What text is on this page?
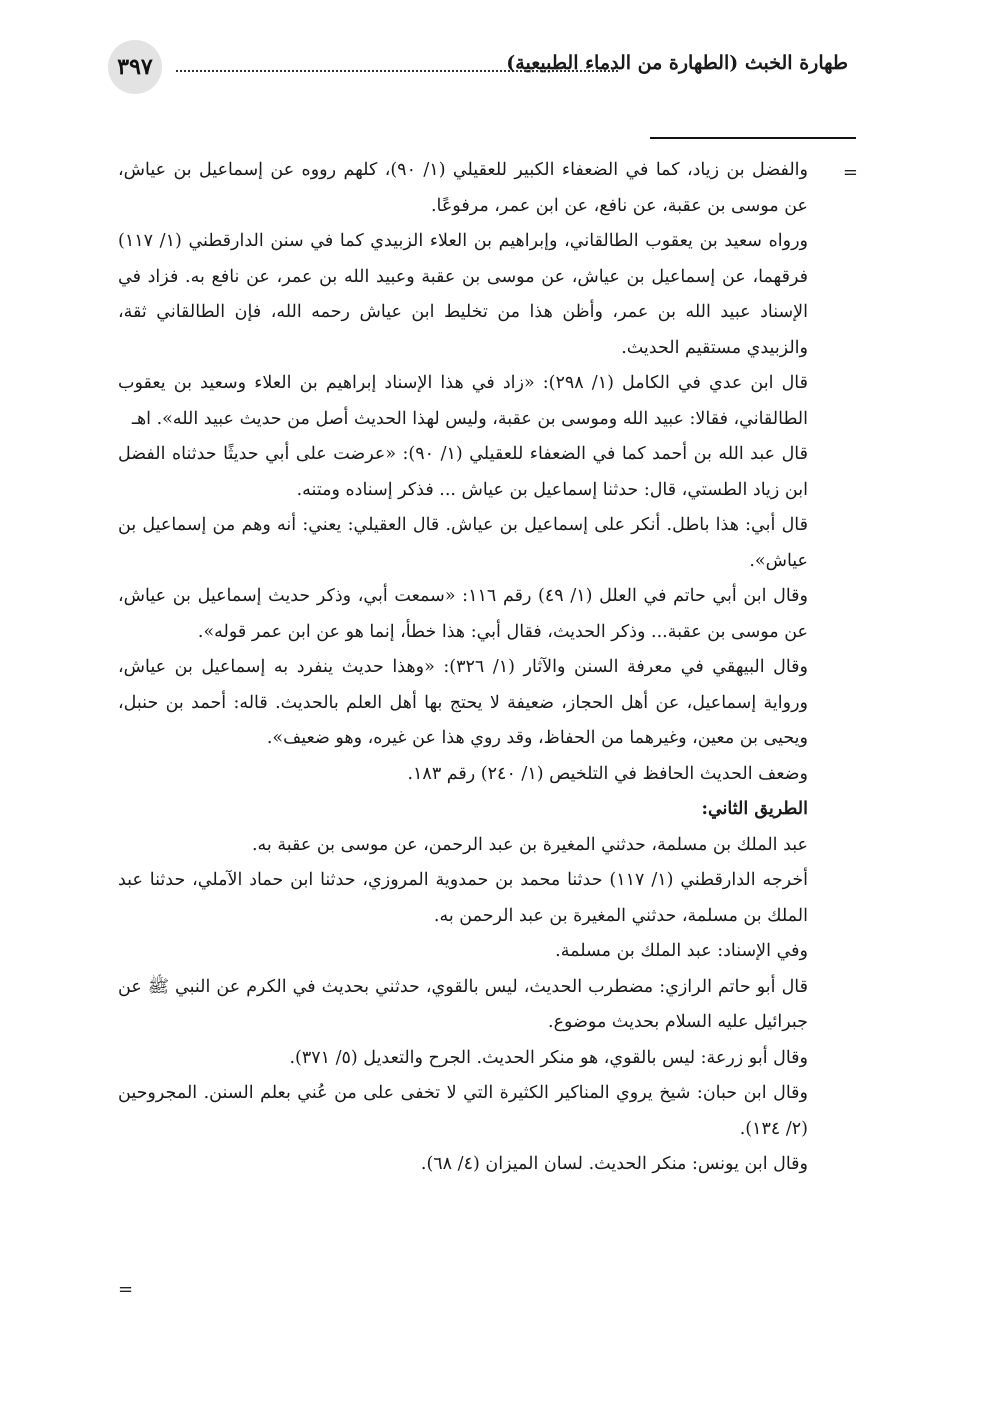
٣٩٧	طهارة الخبث (الطهارة من الدماء الطبيعية)
=

والفضل بن زياد، كما في الضعفاء الكبير للعقيلي (١/ ٩٠)، كلهم رووه عن إسماعيل بن عياش، عن موسى بن عقبة، عن نافع، عن ابن عمر، مرفوعًا.

ورواه سعيد بن يعقوب الطالقاني، وإبراهيم بن العلاء الزبيدي كما في سنن الدارقطني (١/ ١١٧) فرقهما، عن إسماعيل بن عياش، عن موسى بن عقبة وعبيد الله بن عمر، عن نافع به. فزاد في الإسناد عبيد الله بن عمر، وأظن هذا من تخليط ابن عياش رحمه الله، فإن الطالقاني ثقة، والزبيدي مستقيم الحديث.

قال ابن عدي في الكامل (١/ ٢٩٨): «زاد في هذا الإسناد إبراهيم بن العلاء وسعيد بن يعقوب الطالقاني، فقالا: عبيد الله وموسى بن عقبة، وليس لهذا الحديث أصل من حديث عبيد الله». اهـ

قال عبد الله بن أحمد كما في الضعفاء للعقيلي (١/ ٩٠): «عرضت على أبي حديثًا حدثناه الفضل ابن زياد الطستي، قال: حدثنا إسماعيل بن عياش ... فذكر إسناده ومتنه.

قال أبي: هذا باطل. أنكر على إسماعيل بن عياش. قال العقيلي: يعني: أنه وهم من إسماعيل بن عياش».

وقال ابن أبي حاتم في العلل (١/ ٤٩) رقم ١١٦: «سمعت أبي، وذكر حديث إسماعيل بن عياش، عن موسى بن عقبة... وذكر الحديث، فقال أبي: هذا خطأ، إنما هو عن ابن عمر قوله».

وقال البيهقي في معرفة السنن والآثار (١/ ٣٢٦): «وهذا حديث ينفرد به إسماعيل بن عياش، ورواية إسماعيل، عن أهل الحجاز، ضعيفة لا يحتج بها أهل العلم بالحديث. قاله: أحمد بن حنبل، ويحيى بن معين، وغيرهما من الحفاظ، وقد روي هذا عن غيره، وهو ضعيف».

وضعف الحديث الحافظ في التلخيص (١/ ٢٤٠) رقم ١٨٣.

الطريق الثاني:

عبد الملك بن مسلمة، حدثني المغيرة بن عبد الرحمن، عن موسى بن عقبة به.

أخرجه الدارقطني (١/ ١١٧) حدثنا محمد بن حمدوية المروزي، حدثنا ابن حماد الآملي، حدثنا عبد الملك بن مسلمة، حدثني المغيرة بن عبد الرحمن به.

وفي الإسناد: عبد الملك بن مسلمة.

قال أبو حاتم الرازي: مضطرب الحديث، ليس بالقوي، حدثني بحديث في الكرم عن النبي ﷺ عن جبرائيل عليه السلام بحديث موضوع.

وقال أبو زرعة: ليس بالقوي، هو منكر الحديث. الجرح والتعديل (٥/ ٣٧١).

وقال ابن حبان: شيخ يروي المناكير الكثيرة التي لا تخفى على من عُني بعلم السنن. المجروحين (٢/ ١٣٤).

وقال ابن يونس: منكر الحديث. لسان الميزان (٤/ ٦٨).

=
